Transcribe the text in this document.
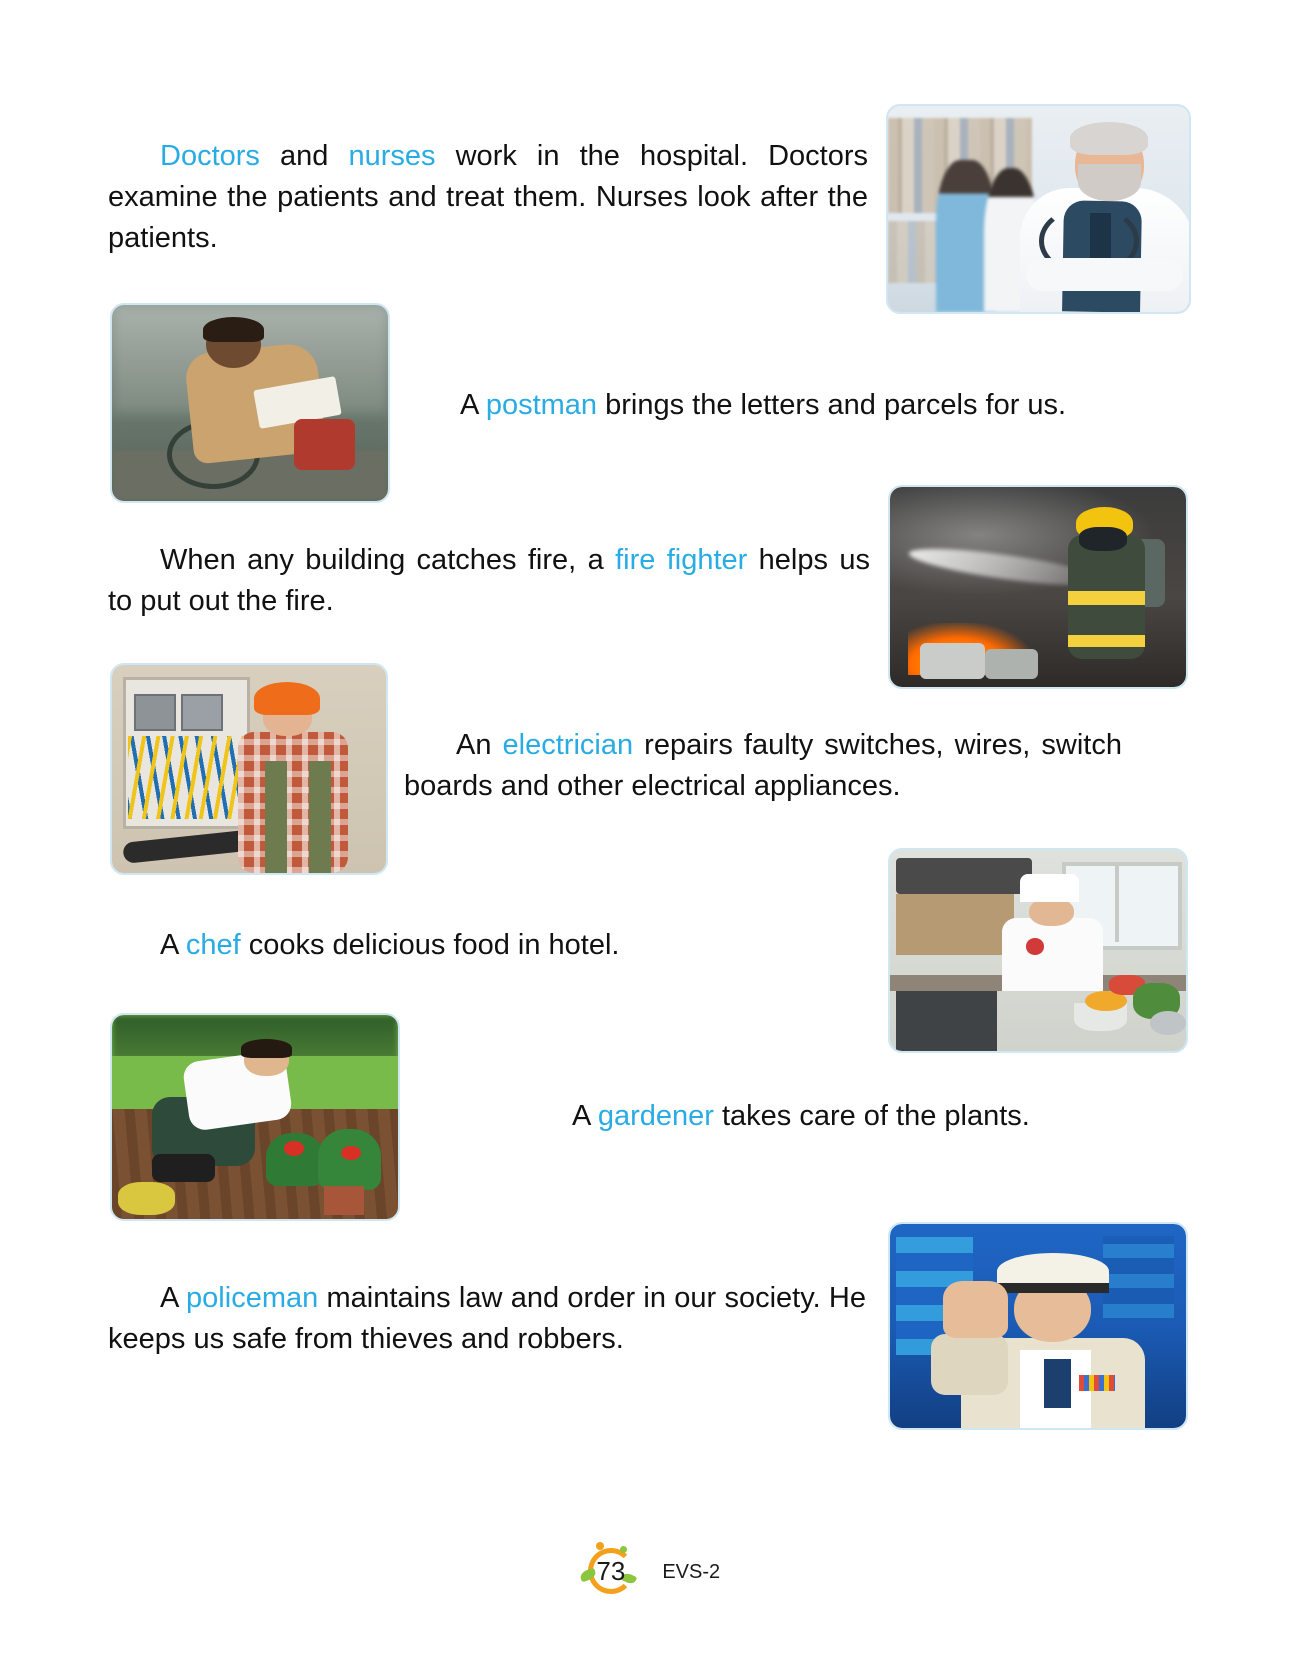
Doctors and nurses work in the hospital. Doctors examine the patients and treat them. Nurses look after the patients.
A postman brings the letters and parcels for us.
When any building catches fire, a fire fighter helps us to put out the fire.
An electrician repairs faulty switches, wires, switch boards and other electrical appliances.
A chef cooks delicious food in hotel.
A gardener takes care of the plants.
A policeman maintains law and order in our society. He keeps us safe from thieves and robbers.
73	EVS-2
